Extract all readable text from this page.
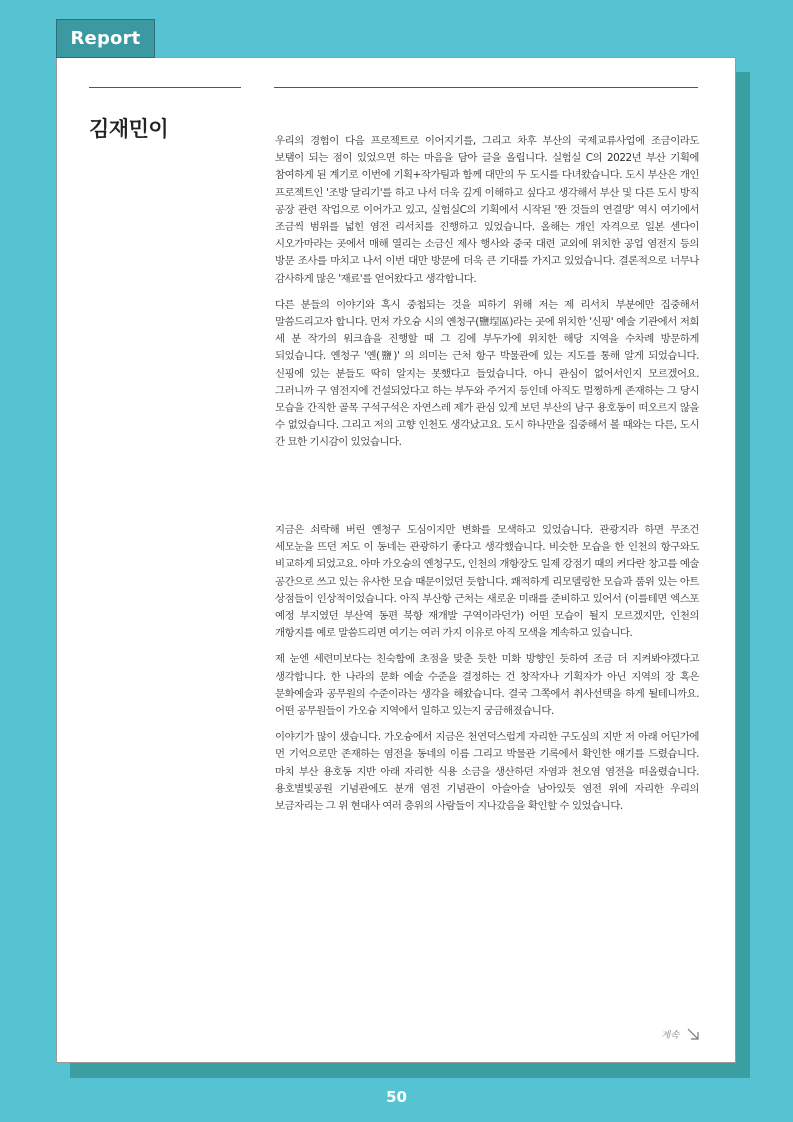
Report
김재민이	우리의 경험이 다음 프로젝트로 이어지기를, 그리고 차후 부산의 국제교류사업에 조금이라도 보탬이 되는 점이 있었으면 하는 마음을 담아 글을 올립니다. 실험실 C의 2022년 부산 기획에 참여하게 된 계기로 이번에 기획+작가팀과 함께 대만의 두 도시를 다녀왔습니다. 도시 부산은 개인 프로젝트인 '조방 달리기'를 하고 나서 더욱 깊게 이해하고 싶다고 생각해서 부산 및 다른 도시 방직 공장 관련 작업으로 이어가고 있고, 실험실C의 기획에서 시작된 '짠 것들의 연결망' 역시 여기에서 조금씩 범위를 넓힌 염전 리서치를 진행하고 있었습니다. 올해는 개인 자격으로 일본 센다이 시오가마라는 곳에서 매해 열리는 소금신 제사 행사와 중국 대련 교외에 위치한 공업 염전지 등의 방문 조사를 마치고 나서 이번 대만 방문에 더욱 큰 기대를 가지고 있었습니다. 결론적으로 너무나 감사하게 많은 '재료'를 얻어왔다고 생각합니다.

다른 분들의 이야기와 혹시 중첩되는 것을 피하기 위해 저는 제 리서치 부분에만 집중해서 말씀드리고자 합니다. 먼저 가오슝 시의 옌청구(鹽埕區)라는 곳에 위치한 '신핑' 예술 기관에서 저희 세 분 작가의 워크숍을 진행할 때 그 김에 부두가에 위치한 해당 지역을 수차례 방문하게 되었습니다. 옌청구 '옌(鹽)' 의 의미는 근처 항구 박물관에 있는 지도를 통해 알게 되었습니다. 신핑에 있는 분들도 딱히 알지는 못했다고 들었습니다. 아니 관심이 없어서인지 모르겠어요. 그러니까 구 염전지에 건설되었다고 하는 부두와 주거지 등인데 아직도 멀쩡하게 존재하는 그 당시 모습을 간직한 골목 구석구석은 자연스레 제가 관심 있게 보던 부산의 남구 용호동이 떠오르지 않을 수 없었습니다. 그리고 저의 고향 인천도 생각났고요. 도시 하나만을 집중해서 볼 때와는 다른, 도시 간 묘한 기시감이 있었습니다.

지금은 쇠락해 버린 옌청구 도심이지만 변화를 모색하고 있었습니다. 관광지라 하면 무조건 세모눈을 뜨던 저도 이 동네는 관광하기 좋다고 생각했습니다. 비슷한 모습을 한 인천의 항구와도 비교하게 되었고요. 아마 가오슝의 옌청구도, 인천의 개항장도 일제 강점기 때의 커다란 창고를 예술 공간으로 쓰고 있는 유사한 모습 때문이었던 듯합니다. 쾌적하게 리모델링한 모습과 품위 있는 아트 상점들이 인상적이었습니다. 아직 부산항 근처는 새로운 미래를 준비하고 있어서 (이를테면 엑스포 예정 부지였던 부산역 동편 북항 재개발 구역이라던가) 어떤 모습이 될지 모르겠지만, 인천의 개항지를 예로 말씀드리면 여기는 여러 가지 이유로 아직 모색을 계속하고 있습니다.

제 눈엔 세련미보다는 친숙함에 초점을 맞춘 듯한 미화 방향인 듯하여 조금 더 지켜봐야겠다고 생각합니다. 한 나라의 문화 예술 수준을 결정하는 건 창작자나 기획자가 아닌 지역의 장 혹은 문화예술과 공무원의 수준이라는 생각을 해왔습니다. 결국 그쪽에서 취사선택을 하게 될테니까요. 어떤 공무원들이 가오슝 지역에서 일하고 있는지 궁금해졌습니다.

이야기가 많이 샜습니다. 가오슝에서 지금은 천연덕스럽게 자리한 구도심의 지반 저 아래 어딘가에 먼 기억으로만 존재하는 염전을 동네의 이름 그리고 박물관 기록에서 확인한 얘기를 드렸습니다. 마치 부산 용호동 지반 아래 자리한 식용 소금을 생산하던 자염과 천오염 염전을 떠올렸습니다. 용호별빛공원 기념관에도 분개 염전 기념관이 아슬아슬 남아있듯 염전 위에 자리한 우리의 보금자리는 그 위 현대사 여러 층위의 사람들이 지나갔음을 확인할 수 있었습니다.

계속
50
